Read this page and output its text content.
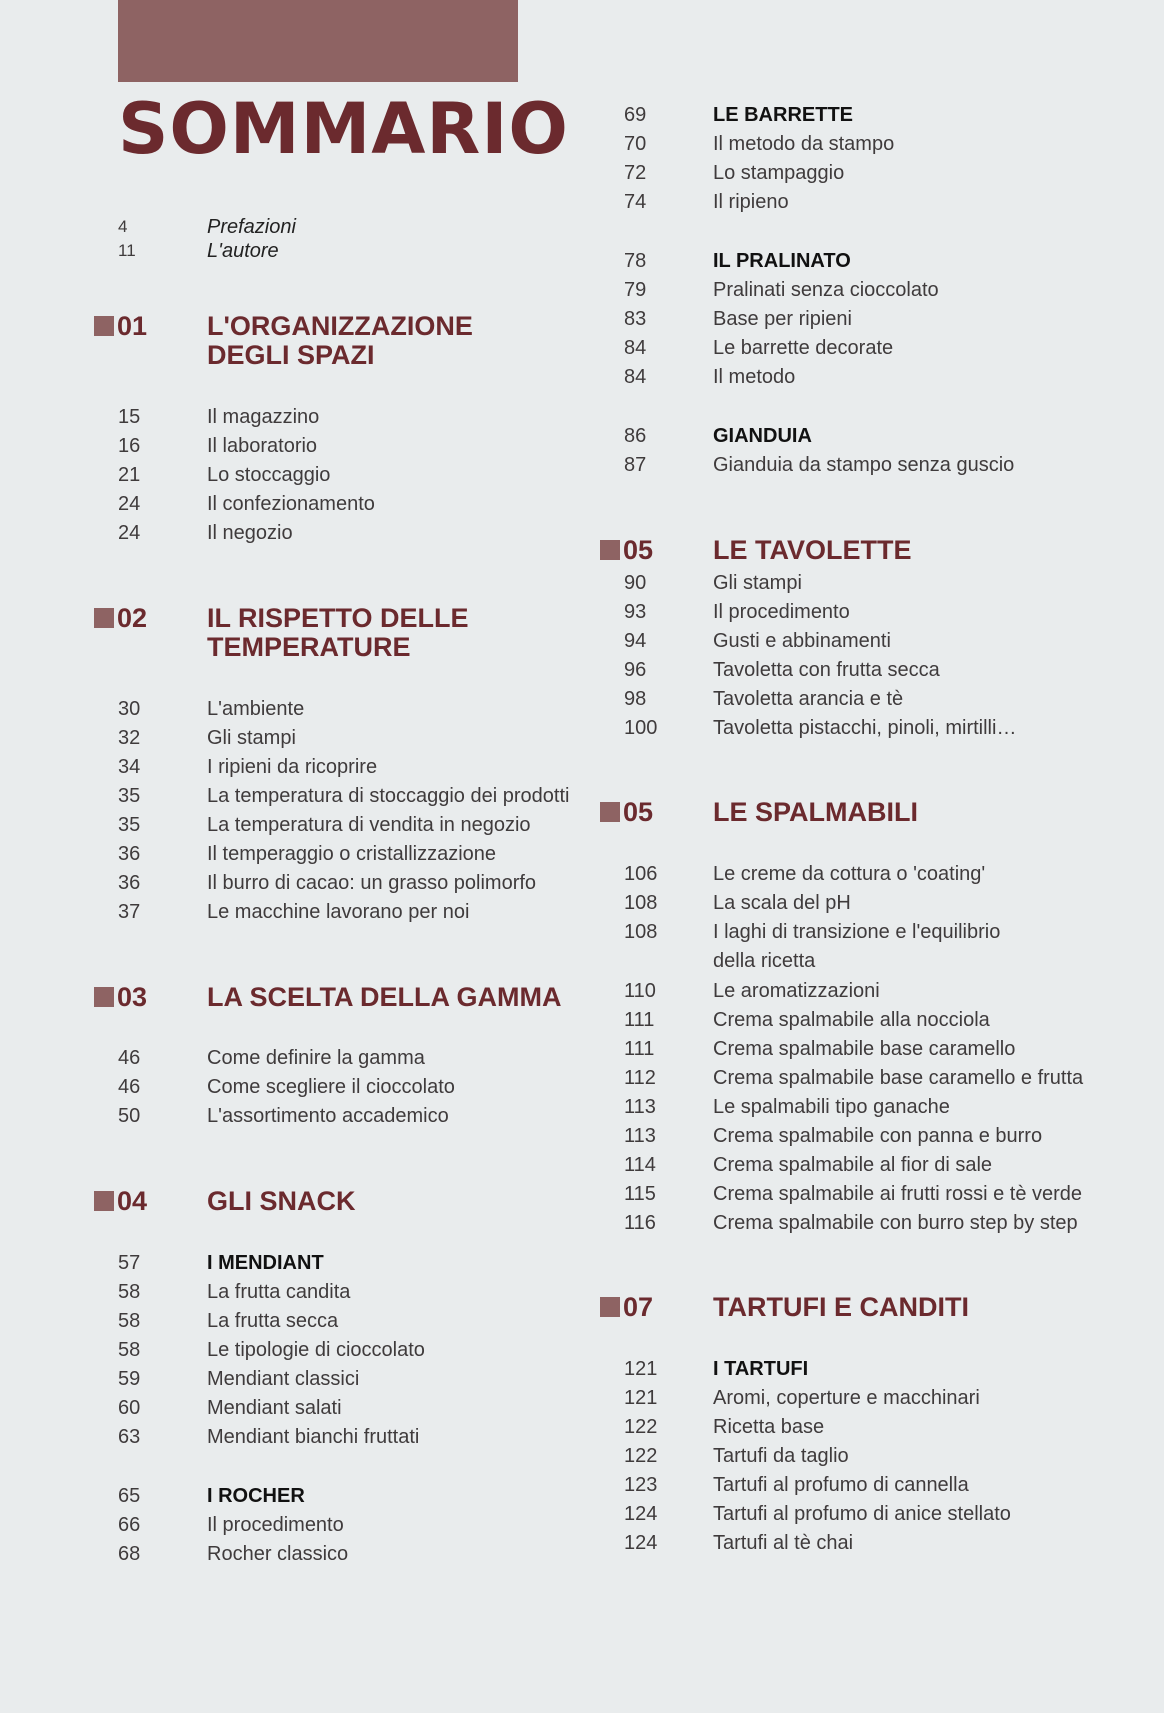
SOMMARIO
4	Prefazioni
11	L'autore
01 L'ORGANIZZAZIONE
DEGLI SPAZI
15	Il magazzino
16	Il laboratorio
21	Lo stoccaggio
24	Il confezionamento
24	Il negozio
02 IL RISPETTO DELLE
TEMPERATURE
30	L'ambiente
32	Gli stampi
34	I ripieni da ricoprire
35	La temperatura di stoccaggio dei prodotti
35	La temperatura di vendita in negozio
36	Il temperaggio o cristallizzazione
36	Il burro di cacao: un grasso polimorfo
37	Le macchine lavorano per noi
03 LA SCELTA DELLA GAMMA
46	Come definire la gamma
46	Come scegliere il cioccolato
50	L'assortimento accademico
04 GLI SNACK
57	I MENDIANT
58	La frutta candita
58	La frutta secca
58	Le tipologie di cioccolato
59	Mendiant classici
60	Mendiant salati
63	Mendiant bianchi fruttati
65	I ROCHER
66	Il procedimento
68	Rocher classico
69	LE BARRETTE
70	Il metodo da stampo
72	Lo stampaggio
74	Il ripieno
78	IL PRALINATO
79	Pralinati senza cioccolato
83	Base per ripieni
84	Le barrette decorate
84	Il metodo
86	GIANDUIA
87	Gianduia da stampo senza guscio
05 LE TAVOLETTE
90	Gli stampi
93	Il procedimento
94	Gusti e abbinamenti
96	Tavoletta con frutta secca
98	Tavoletta arancia e tè
100	Tavoletta pistacchi, pinoli, mirtilli…
05 LE SPALMABILI
106	Le creme da cottura o 'coating'
108	La scala del pH
108	I laghi di transizione e l'equilibrio
della ricetta
110	Le aromatizzazioni
111	Crema spalmabile alla nocciola
111	Crema spalmabile base caramello
112	Crema spalmabile base caramello e frutta
113	Le spalmabili tipo ganache
113	Crema spalmabile con panna e burro
114	Crema spalmabile al fior di sale
115	Crema spalmabile ai frutti rossi e tè verde
116	Crema spalmabile con burro step by step
07 TARTUFI E CANDITI
121	I TARTUFI
121	Aromi, coperture e macchinari
122	Ricetta base
122	Tartufi da taglio
123	Tartufi al profumo di cannella
124	Tartufi al profumo di anice stellato
124	Tartufi al tè chai
